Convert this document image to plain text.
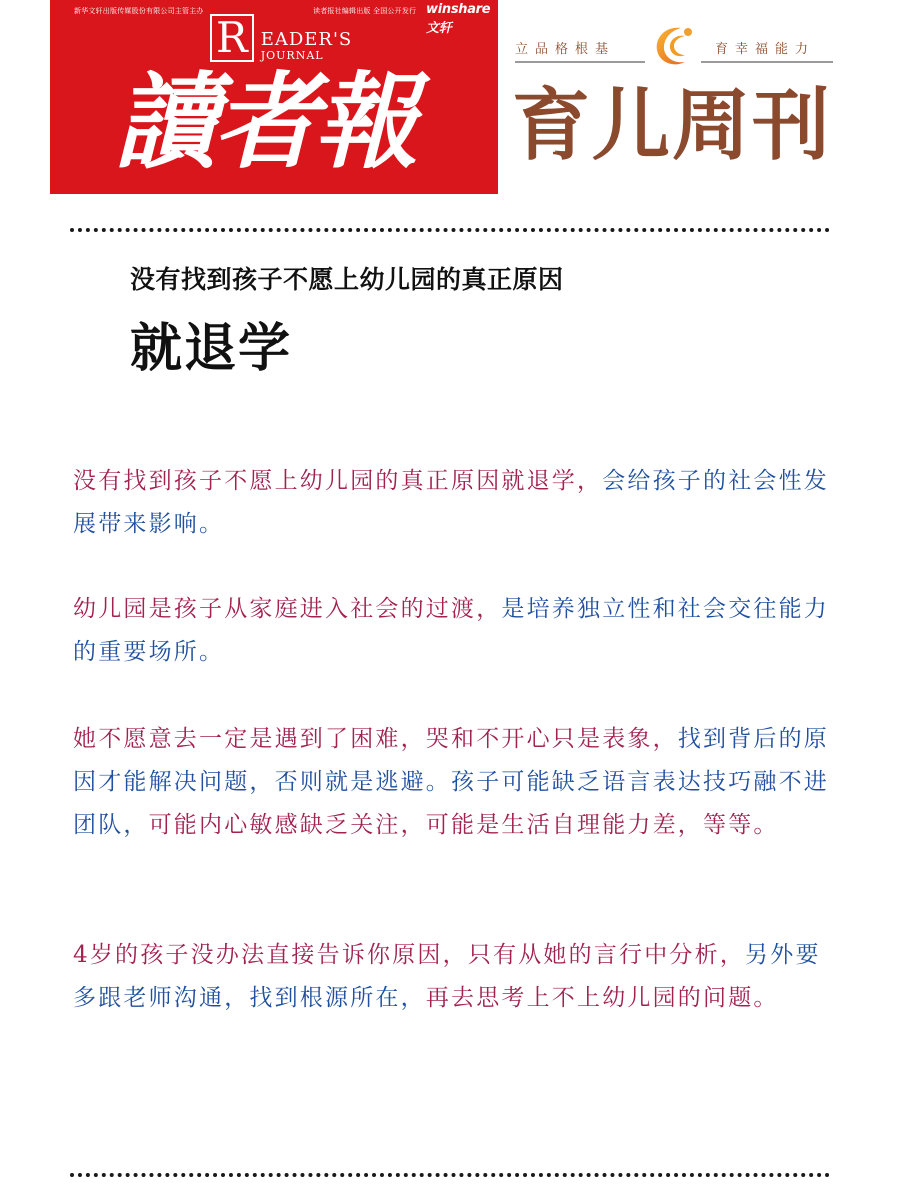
新华文轩出版传媒股份有限公司主管主办	读者报社编辑出版 全国公开发行 winshare文轩
R EADER'S
JOURNAL
讀者報
立品格根基	育幸福能力
育儿周刊
没有找到孩子不愿上幼儿园的真正原因
就退学
没有找到孩子不愿上幼儿园的真正原因就退学，会给孩子的社会性发展带来影响。
幼儿园是孩子从家庭进入社会的过渡，是培养独立性和社会交往能力的重要场所。
她不愿意去一定是遇到了困难，哭和不开心只是表象，找到背后的原因才能解决问题，否则就是逃避。孩子可能缺乏语言表达技巧融不进团队，可能内心敏感缺乏关注，可能是生活自理能力差，等等。
4岁的孩子没办法直接告诉你原因，只有从她的言行中分析，另外要多跟老师沟通，找到根源所在，再去思考上不上幼儿园的问题。
